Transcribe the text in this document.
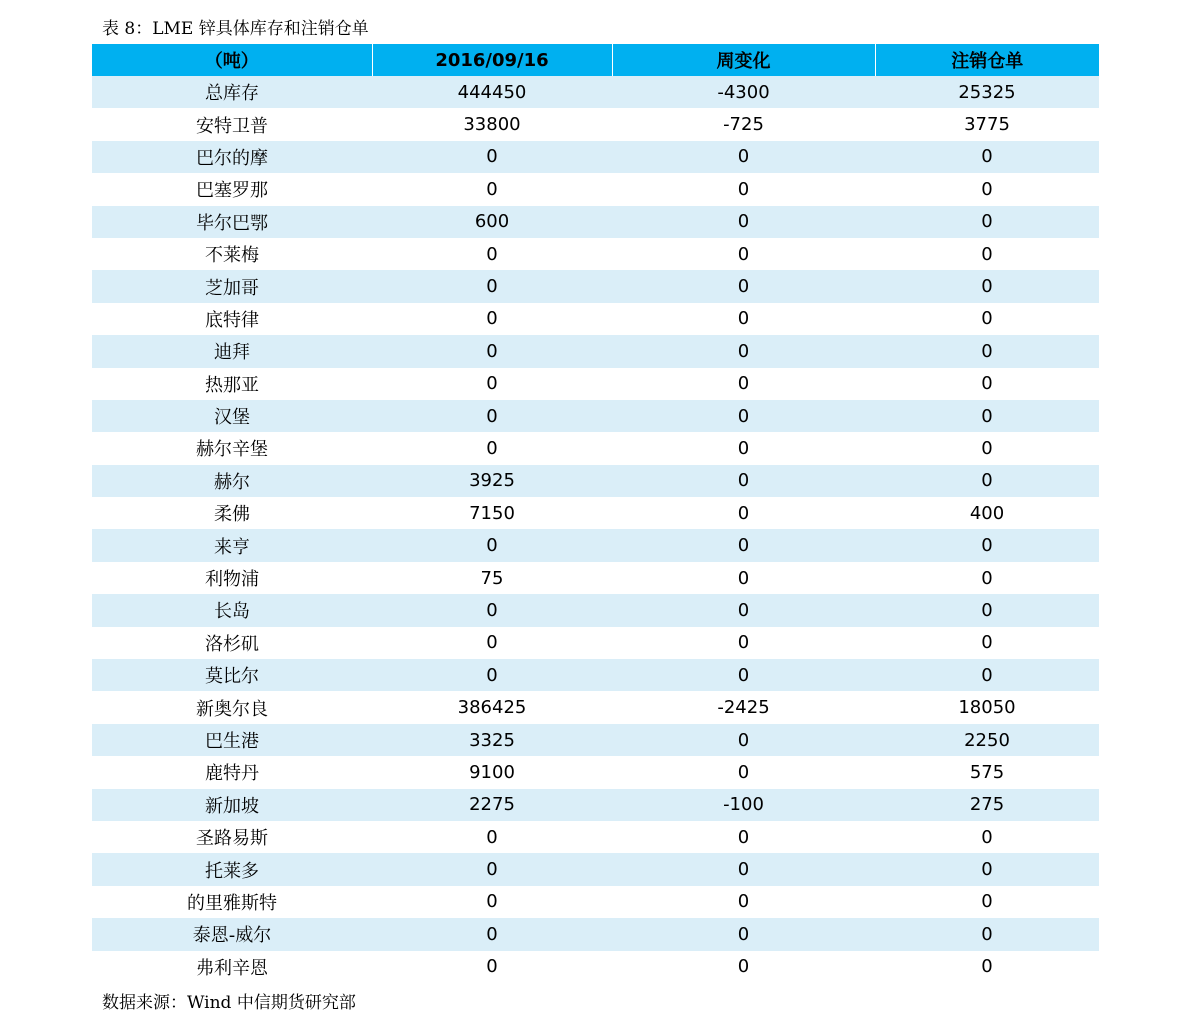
表 8：LME 锌具体库存和注销仓单
（吨）	2016/09/16	周变化	注销仓单
总库存	444450	-4300	25325
安特卫普	33800	-725	3775
巴尔的摩	0	0	0
巴塞罗那	0	0	0
毕尔巴鄂	600	0	0
不莱梅	0	0	0
芝加哥	0	0	0
底特律	0	0	0
迪拜	0	0	0
热那亚	0	0	0
汉堡	0	0	0
赫尔辛堡	0	0	0
赫尔	3925	0	0
柔佛	7150	0	400
来亨	0	0	0
利物浦	75	0	0
长岛	0	0	0
洛杉矶	0	0	0
莫比尔	0	0	0
新奥尔良	386425	-2425	18050
巴生港	3325	0	2250
鹿特丹	9100	0	575
新加坡	2275	-100	275
圣路易斯	0	0	0
托莱多	0	0	0
的里雅斯特	0	0	0
泰恩-威尔	0	0	0
弗利辛恩	0	0	0
数据来源：Wind 中信期货研究部
